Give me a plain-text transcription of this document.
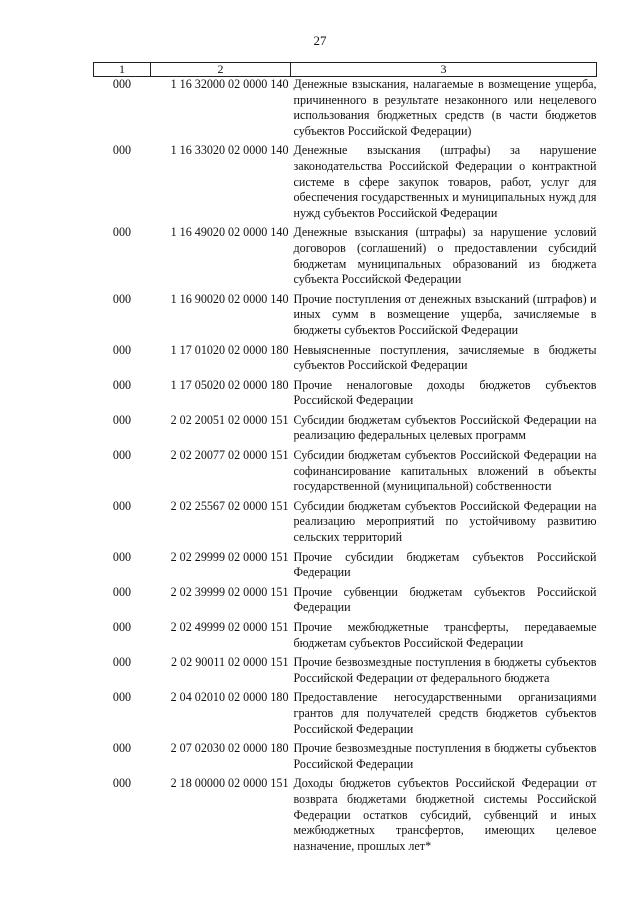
27
1	2	3
000	1 16 32000 02 0000 140	Денежные взыскания, налагаемые в возмещение ущерба, причиненного в результате незаконного или нецелевого использования бюджетных средств (в части бюджетов субъектов Российской Федерации)
000	1 16 33020 02 0000 140	Денежные взыскания (штрафы) за нарушение законодательства Российской Федерации о контрактной системе в сфере закупок товаров, работ, услуг для обеспечения государственных и муниципальных нужд для нужд субъектов Российской Федерации
000	1 16 49020 02 0000 140	Денежные взыскания (штрафы) за нарушение условий договоров (соглашений) о предоставлении субсидий бюджетам муниципальных образований из бюджета субъекта Российской Федерации
000	1 16 90020 02 0000 140	Прочие поступления от денежных взысканий (штрафов) и иных сумм в возмещение ущерба, зачисляемые в бюджеты субъектов Российской Федерации
000	1 17 01020 02 0000 180	Невыясненные поступления, зачисляемые в бюджеты субъектов Российской Федерации
000	1 17 05020 02 0000 180	Прочие неналоговые доходы бюджетов субъектов Российской Федерации
000	2 02 20051 02 0000 151	Субсидии бюджетам субъектов Российской Федерации на реализацию федеральных целевых программ
000	2 02 20077 02 0000 151	Субсидии бюджетам субъектов Российской Федерации на софинансирование капитальных вложений в объекты государственной (муниципальной) собственности
000	2 02 25567 02 0000 151	Субсидии бюджетам субъектов Российской Федерации на реализацию мероприятий по устойчивому развитию сельских территорий
000	2 02 29999 02 0000 151	Прочие субсидии бюджетам субъектов Российской Федерации
000	2 02 39999 02 0000 151	Прочие субвенции бюджетам субъектов Российской Федерации
000	2 02 49999 02 0000 151	Прочие межбюджетные трансферты, передаваемые бюджетам субъектов Российской Федерации
000	2 02 90011 02 0000 151	Прочие безвозмездные поступления в бюджеты субъектов Российской Федерации от федерального бюджета
000	2 04 02010 02 0000 180	Предоставление негосударственными организациями грантов для получателей средств бюджетов субъектов Российской Федерации
000	2 07 02030 02 0000 180	Прочие безвозмездные поступления в бюджеты субъектов Российской Федерации
000	2 18 00000 02 0000 151	Доходы бюджетов субъектов Российской Федерации от возврата бюджетами бюджетной системы Российской Федерации остатков субсидий, субвенций и иных межбюджетных трансфертов, имеющих целевое назначение, прошлых лет*
